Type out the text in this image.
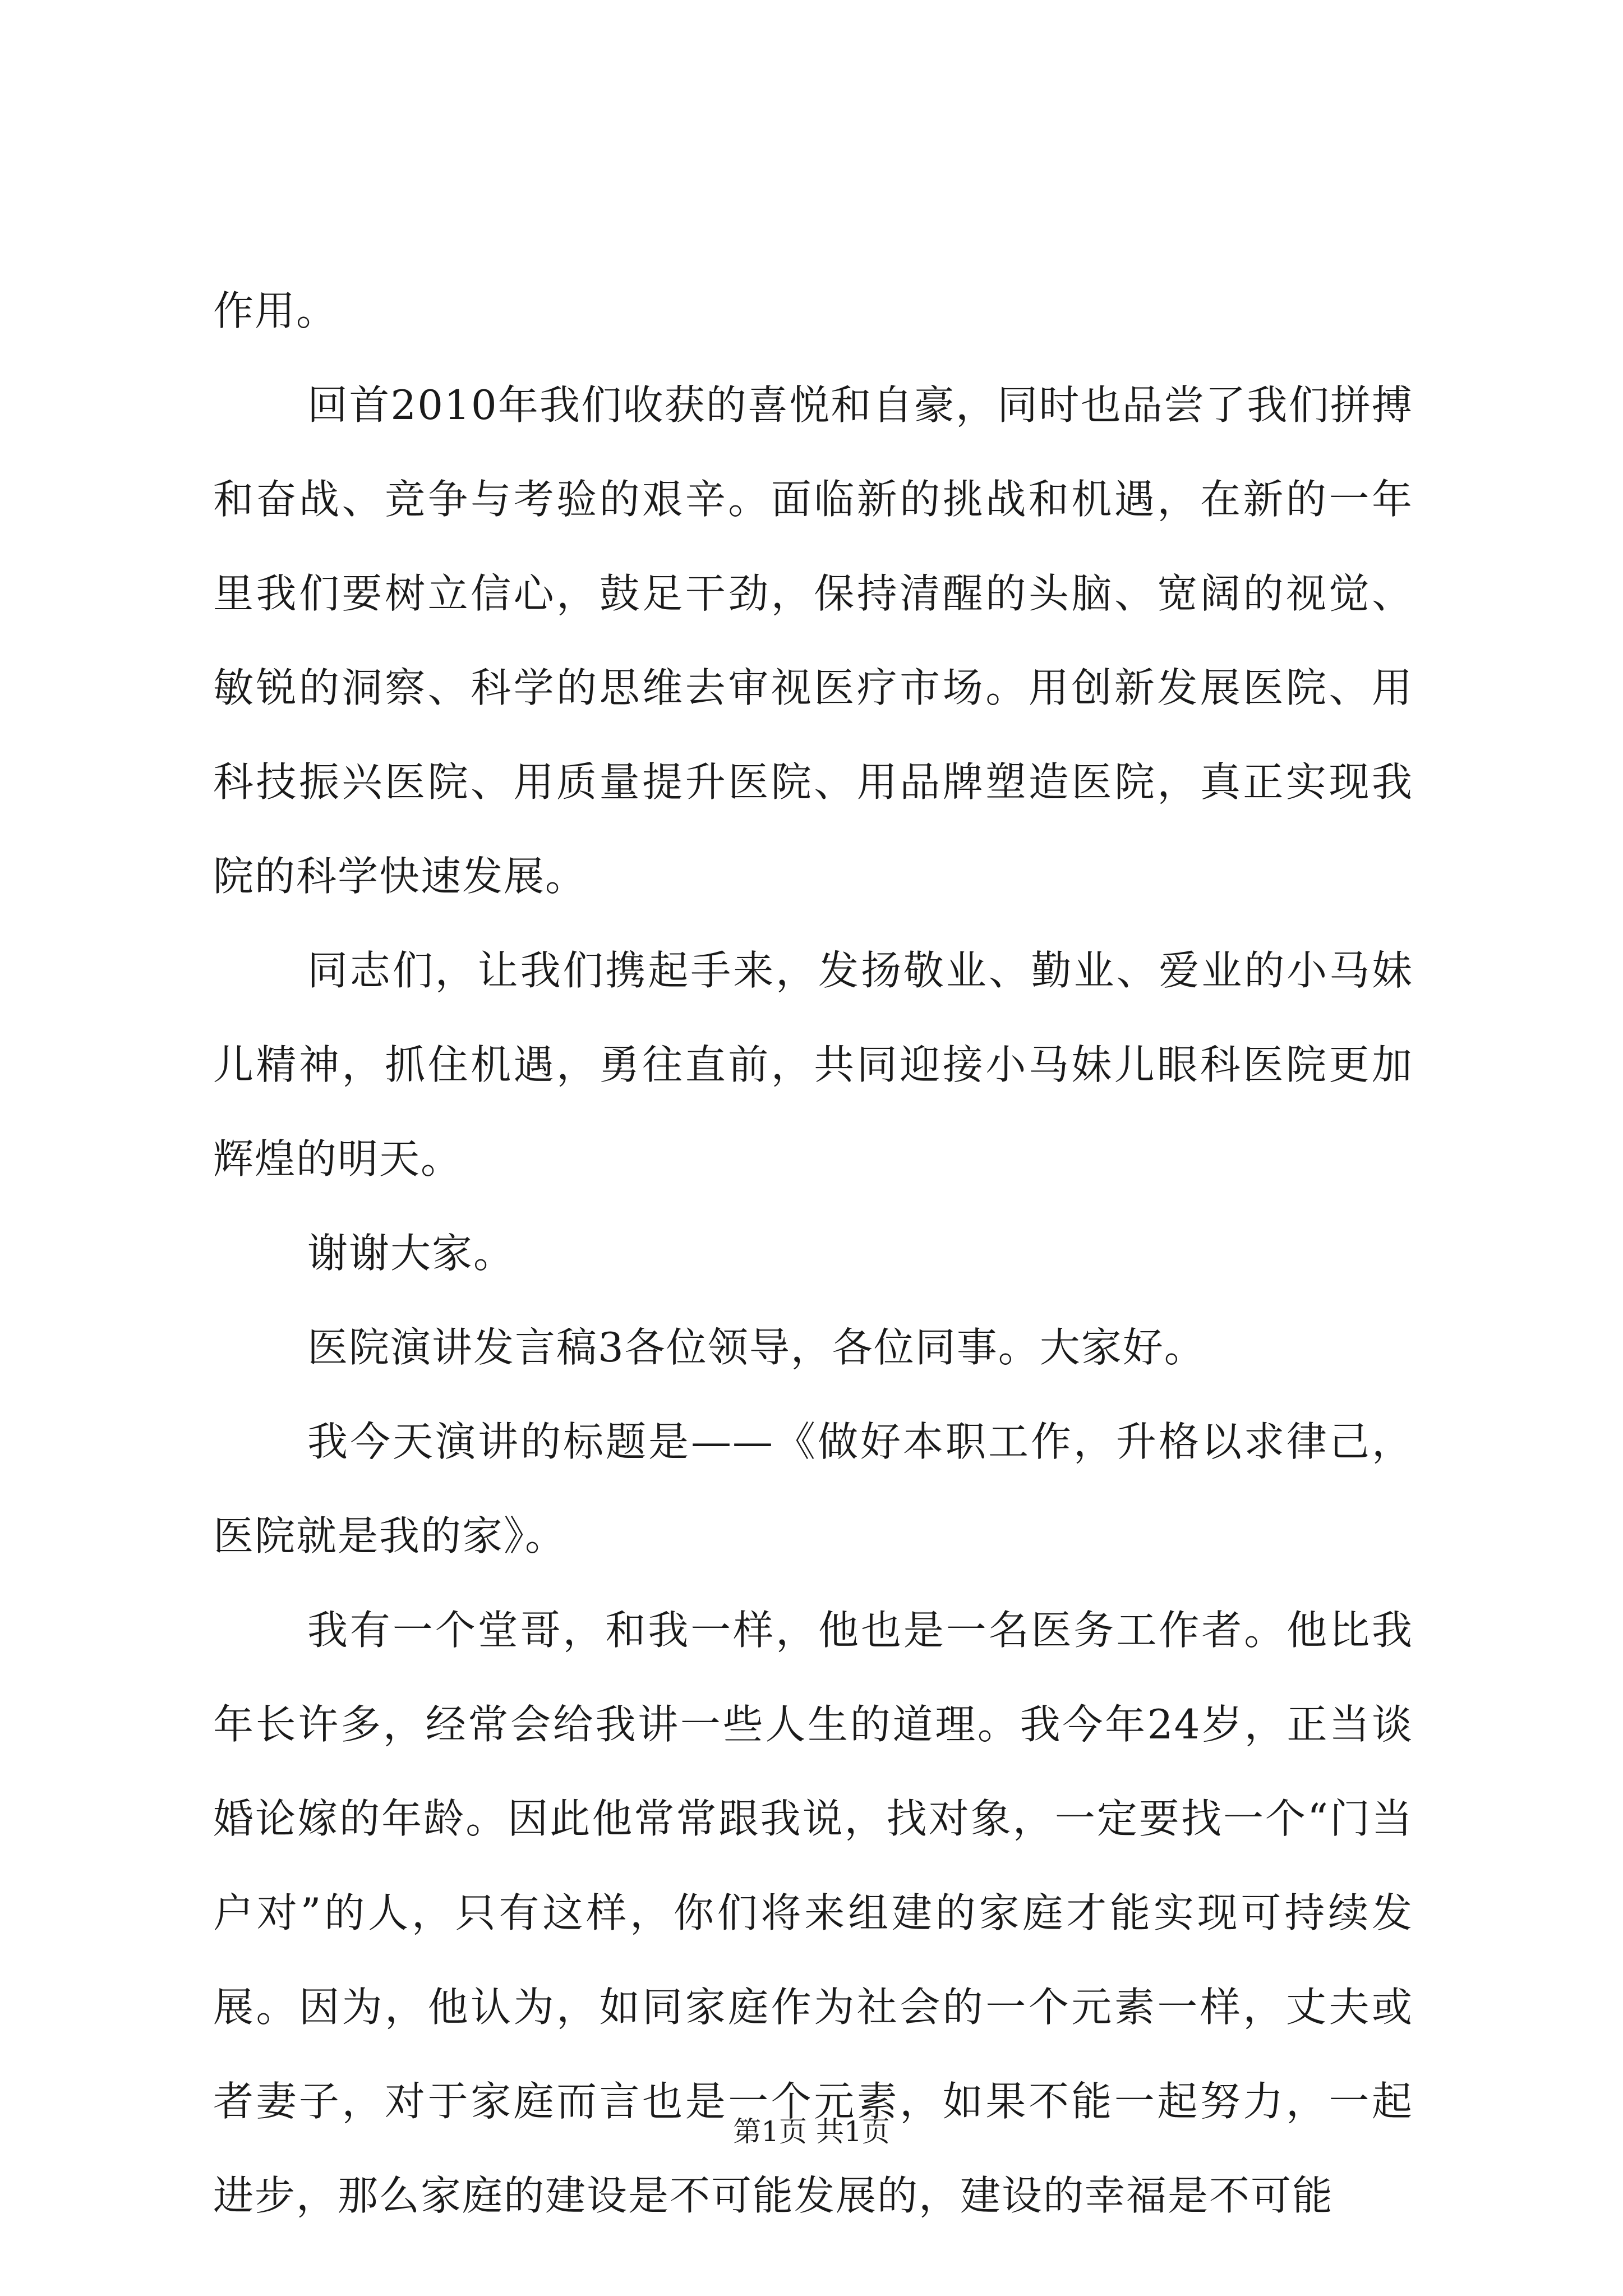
作用。

回首2010年我们收获的喜悦和自豪，同时也品尝了我们拼搏和奋战、竞争与考验的艰辛。面临新的挑战和机遇，在新的一年里我们要树立信心，鼓足干劲，保持清醒的头脑、宽阔的视觉、敏锐的洞察、科学的思维去审视医疗市场。用创新发展医院、用科技振兴医院、用质量提升医院、用品牌塑造医院，真正实现我院的科学快速发展。

同志们，让我们携起手来，发扬敬业、勤业、爱业的小马妹儿精神，抓住机遇，勇往直前，共同迎接小马妹儿眼科医院更加辉煌的明天。

谢谢大家。

医院演讲发言稿3各位领导，各位同事。大家好。

我今天演讲的标题是——《做好本职工作，升格以求律己，医院就是我的家》。

我有一个堂哥，和我一样，他也是一名医务工作者。他比我年长许多，经常会给我讲一些人生的道理。我今年24岁，正当谈婚论嫁的年龄。因此他常常跟我说，找对象，一定要找一个“门当户对”的人，只有这样，你们将来组建的家庭才能实现可持续发展。因为，他认为，如同家庭作为社会的一个元素一样，丈夫或者妻子，对于家庭而言也是一个元素，如果不能一起努力，一起进步，那么家庭的建设是不可能发展的，建设的幸福是不可能

第1页 共1页
